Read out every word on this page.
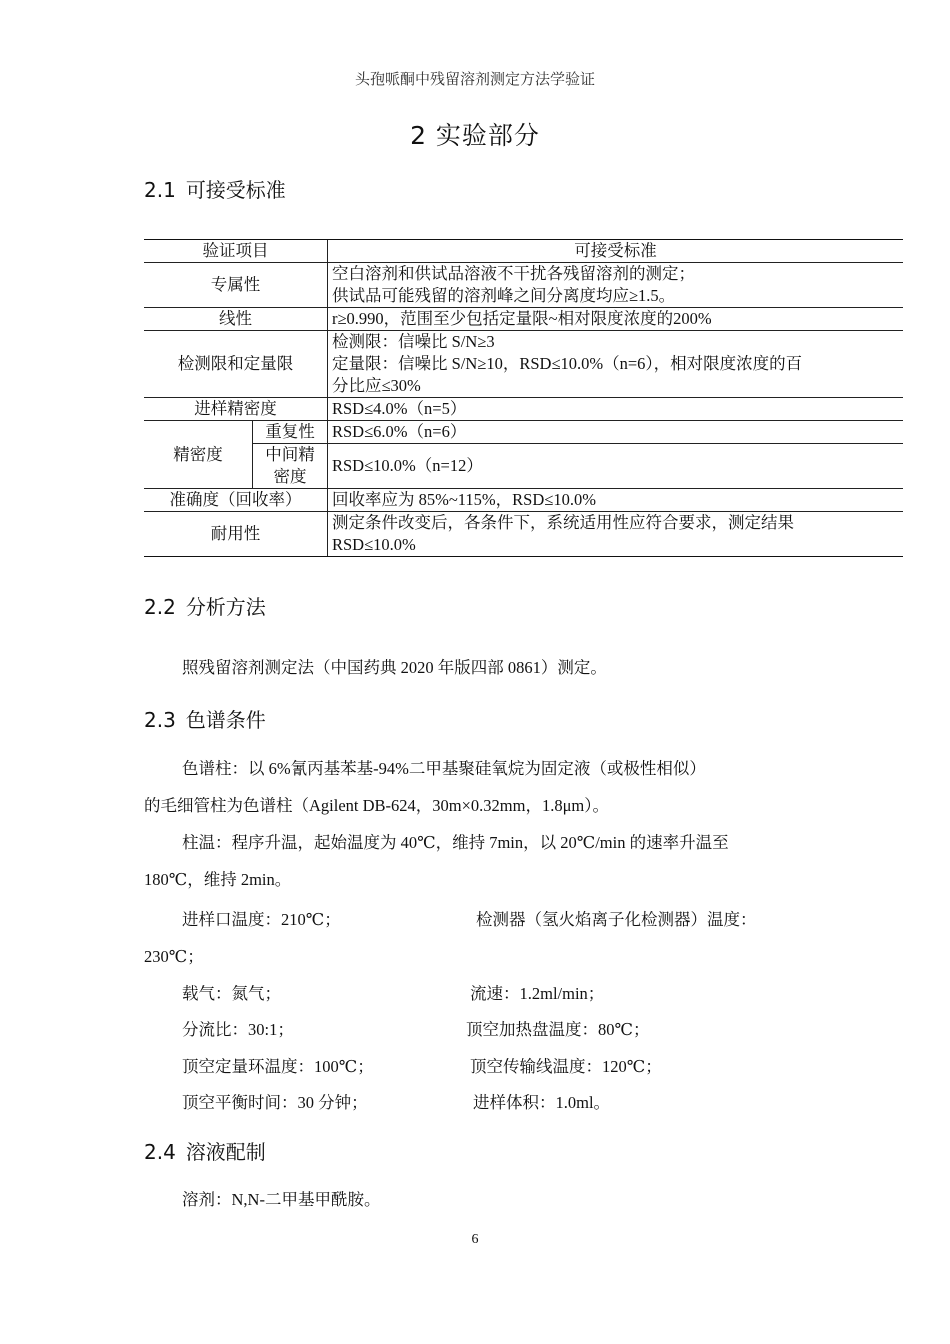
头孢哌酮中残留溶剂测定方法学验证
2 实验部分
2.1 可接受标准
验证项目		可接受标准
专属性		空白溶剂和供试品溶液不干扰各残留溶剂的测定；
供试品可能残留的溶剂峰之间分离度均应≥1.5。

线性		r≥0.990，范围至少包括定量限~相对限度浓度的200%

检测限和定量限		检测限：信噪比 S/N≥3
定量限：信噪比 S/N≥10，RSD≤10.0%（n=6），相对限度浓度的百
分比应≤30%

进样精密度		RSD≤4.0%（n=5）

精密度	重复性	RSD≤6.0%（n=6）

	中间精
密度	RSD≤10.0%（n=12）

准确度（回收率）		回收率应为 85%~115%，RSD≤10.0%

耐用性		测定条件改变后，各条件下，系统适用性应符合要求，测定结果
RSD≤10.0%
2.2 分析方法
照残留溶剂测定法（中国药典 2020 年版四部 0861）测定。
2.3 色谱条件
色谱柱：以 6%氰丙基苯基-94%二甲基聚硅氧烷为固定液（或极性相似）
的毛细管柱为色谱柱（Agilent DB-624，30m×0.32mm，1.8μm）。
柱温：程序升温，起始温度为 40℃，维持 7min，以 20℃/min 的速率升温至
180℃，维持 2min。
进样口温度：210℃；	检测器（氢火焰离子化检测器）温度：
230℃；
载气：氮气；	流速：1.2ml/min；
分流比：30:1；	顶空加热盘温度：80℃；
顶空定量环温度：100℃；	顶空传输线温度：120℃；
顶空平衡时间：30 分钟；	进样体积：1.0ml。
2.4 溶液配制
溶剂：N,N-二甲基甲酰胺。
6
